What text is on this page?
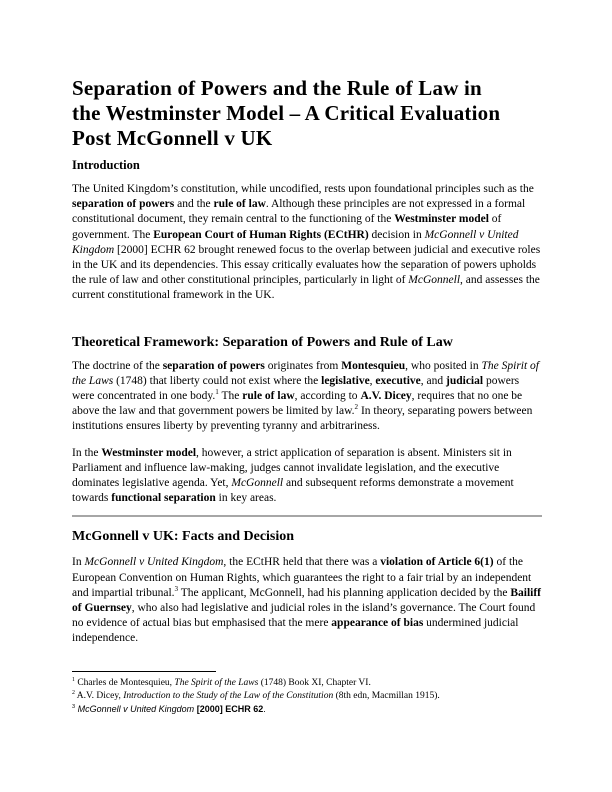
Separation of Powers and the Rule of Law in
the Westminster Model – A Critical Evaluation
Post McGonnell v UK
Introduction

The United Kingdom’s constitution, while uncodified, rests upon foundational principles such as the separation of powers and the rule of law. Although these principles are not expressed in a formal constitutional document, they remain central to the functioning of the Westminster model of government. The European Court of Human Rights (ECtHR) decision in McGonnell v United Kingdom [2000] ECHR 62 brought renewed focus to the overlap between judicial and executive roles in the UK and its dependencies. This essay critically evaluates how the separation of powers upholds the rule of law and other constitutional principles, particularly in light of McGonnell, and assesses the current constitutional framework in the UK.

Theoretical Framework: Separation of Powers and Rule of Law

The doctrine of the separation of powers originates from Montesquieu, who posited in The Spirit of the Laws (1748) that liberty could not exist where the legislative, executive, and judicial powers were concentrated in one body.$^1$ The rule of law, according to A.V. Dicey, requires that no one be above the law and that government powers be limited by law.$^2$ In theory, separating powers between institutions ensures liberty by preventing tyranny and arbitrariness.

In the Westminster model, however, a strict application of separation is absent. Ministers sit in Parliament and influence law-making, judges cannot invalidate legislation, and the executive dominates legislative agenda. Yet, McGonnell and subsequent reforms demonstrate a movement towards functional separation in key areas.

McGonnell v UK: Facts and Decision

In McGonnell v United Kingdom, the ECtHR held that there was a violation of Article 6(1) of the European Convention on Human Rights, which guarantees the right to a fair trial by an independent and impartial tribunal.$^3$ The applicant, McGonnell, had his planning application decided by the Bailiff of Guernsey, who also had legislative and judicial roles in the island’s governance. The Court found no evidence of actual bias but emphasised that the mere appearance of bias undermined judicial independence.

$^1$ Charles de Montesquieu, The Spirit of the Laws (1748) Book XI, Chapter VI.

$^2$ A.V. Dicey, Introduction to the Study of the Law of the Constitution (8th edn, Macmillan 1915).

$^3$ McGonnell v United Kingdom [2000] ECHR 62.
